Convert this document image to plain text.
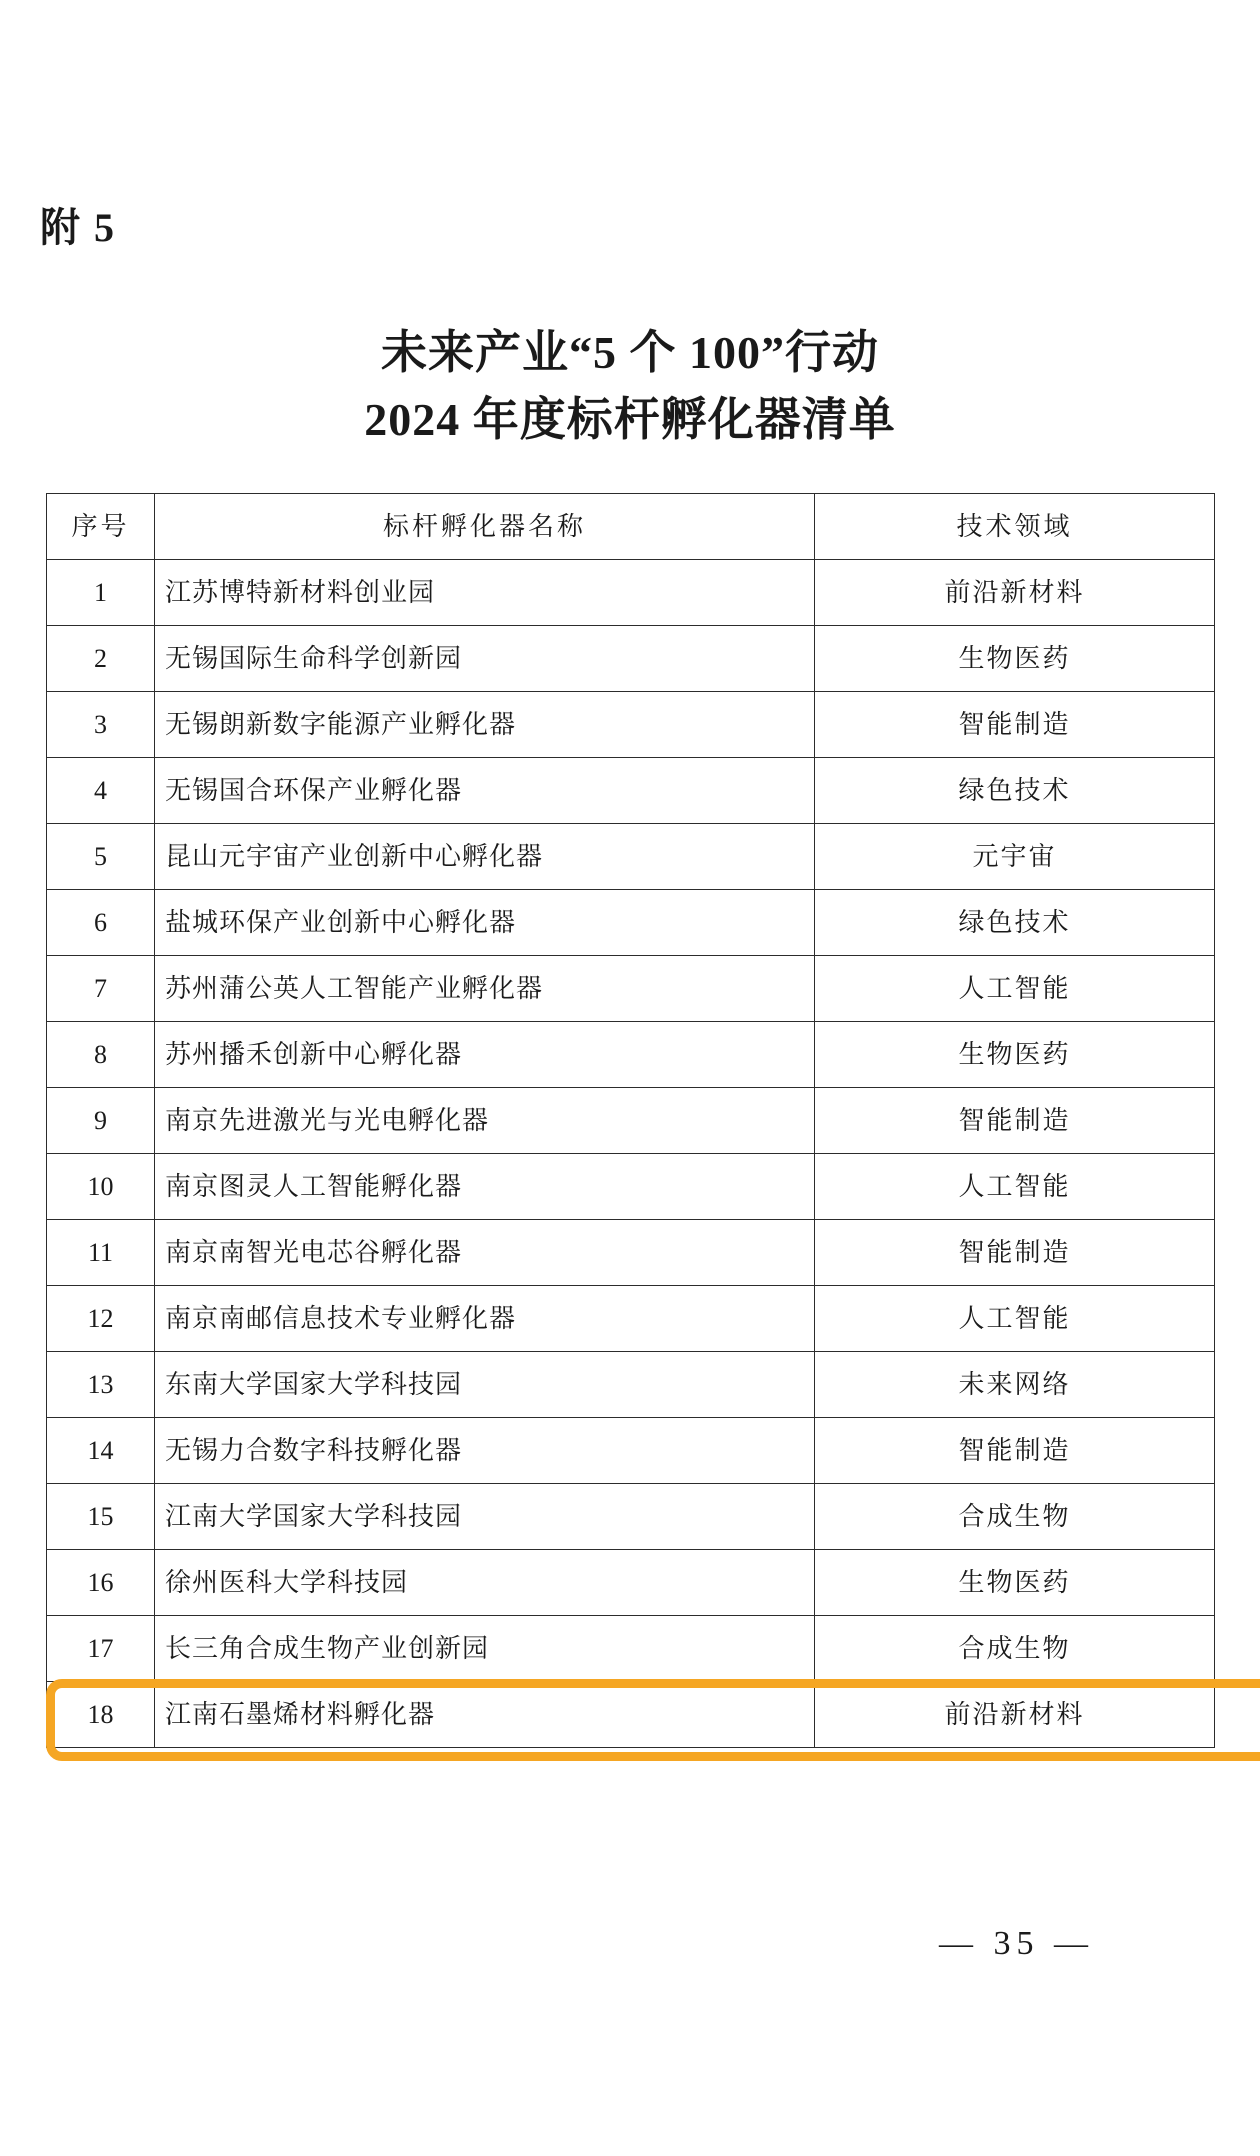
附 5
未来产业“5 个 100”行动
2024 年度标杆孵化器清单
序号	标杆孵化器名称	技术领域
1	江苏博特新材料创业园	前沿新材料
2	无锡国际生命科学创新园	生物医药
3	无锡朗新数字能源产业孵化器	智能制造
4	无锡国合环保产业孵化器	绿色技术
5	昆山元宇宙产业创新中心孵化器	元宇宙
6	盐城环保产业创新中心孵化器	绿色技术
7	苏州蒲公英人工智能产业孵化器	人工智能
8	苏州播禾创新中心孵化器	生物医药
9	南京先进激光与光电孵化器	智能制造
10	南京图灵人工智能孵化器	人工智能
11	南京南智光电芯谷孵化器	智能制造
12	南京南邮信息技术专业孵化器	人工智能
13	东南大学国家大学科技园	未来网络
14	无锡力合数字科技孵化器	智能制造
15	江南大学国家大学科技园	合成生物
16	徐州医科大学科技园	生物医药
17	长三角合成生物产业创新园	合成生物
18	江南石墨烯材料孵化器	前沿新材料
— 35 —
